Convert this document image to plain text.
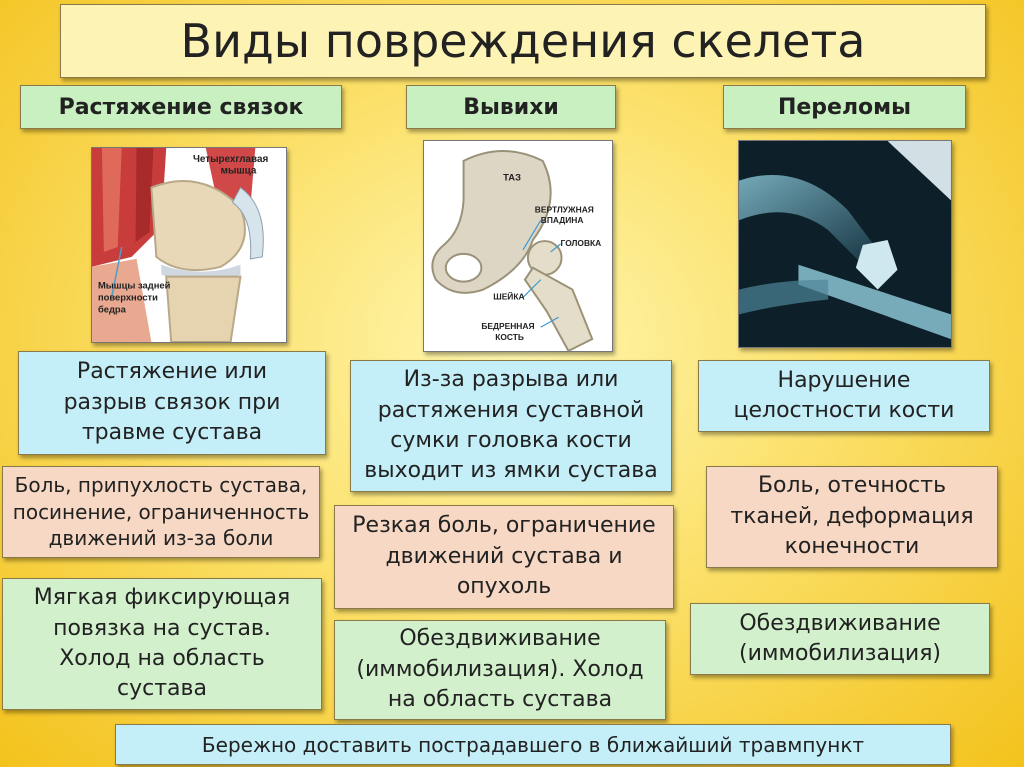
Виды повреждения скелета
Растяжение связок	Вывихи	Переломы
Четырехглавая
мышца
Мышцы задней
поверхности
бедра
ТАЗ
ВЕРТЛУЖНАЯ
ВПАДИНА
ГОЛОВКА
ШЕЙКА
БЕДРЕННАЯ
КОСТЬ
Растяжение или
разрыв связок при
травме сустава
Боль, припухлость сустава,
посинение, ограниченность
движений из-за боли
Мягкая фиксирующая
повязка на сустав.
Холод на область
сустава
Из-за разрыва или
растяжения суставной
сумки головка кости
выходит из ямки сустава
Резкая боль, ограничение
движений сустава и
опухоль
Обездвиживание
(иммобилизация). Холод
на область сустава
Нарушение
целостности кости
Боль, отечность
тканей, деформация
конечности
Обездвиживание
(иммобилизация)
Бережно доставить пострадавшего в ближайший травмпункт
